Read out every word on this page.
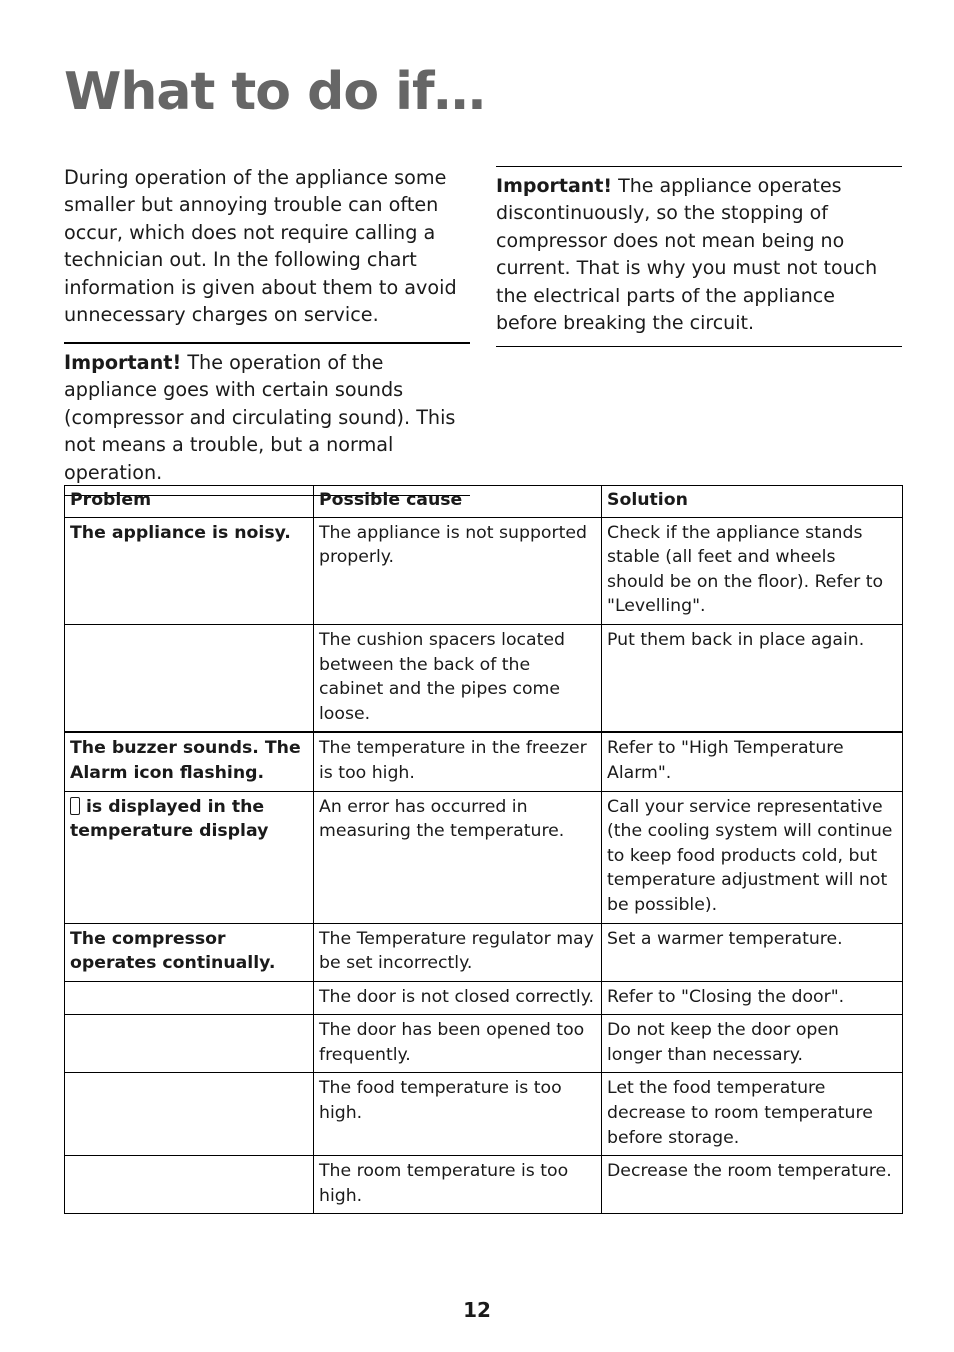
What to do if…

During operation of the appliance some smaller but annoying trouble can often occur, which does not require calling a technician out. In the following chart information is given about them to avoid unnecessary charges on service.

Important! The operation of the appliance goes with certain sounds (compressor and circulating sound). This not means a trouble, but a normal operation.

Important! The appliance operates discontinuously, so the stopping of compressor does not mean being no current. That is why you must not touch the electrical parts of the appliance before breaking the circuit.

Problem	Possible cause	Solution
The appliance is noisy.	The appliance is not supported properly.	Check if the appliance stands stable (all feet and wheels should be on the floor). Refer to "Levelling".
	The cushion spacers located between the back of the cabinet and the pipes come loose.	Put them back in place again.
The buzzer sounds. The Alarm icon flashing.	The temperature in the freezer is too high.	Refer to "High Temperature Alarm".
is displayed in the temperature display	An error has occurred in measuring the temperature.	Call your service representative (the cooling system will continue to keep food products cold, but temperature adjustment will not be possible).
The compressor operates continually.	The Temperature regulator may be set incorrectly.	Set a warmer temperature.
	The door is not closed correctly.	Refer to "Closing the door".
	The door has been opened too frequently.	Do not keep the door open longer than necessary.
	The food temperature is too high.	Let the food temperature decrease to room temperature before storage.
	The room temperature is too high.	Decrease the room temperature.
12
